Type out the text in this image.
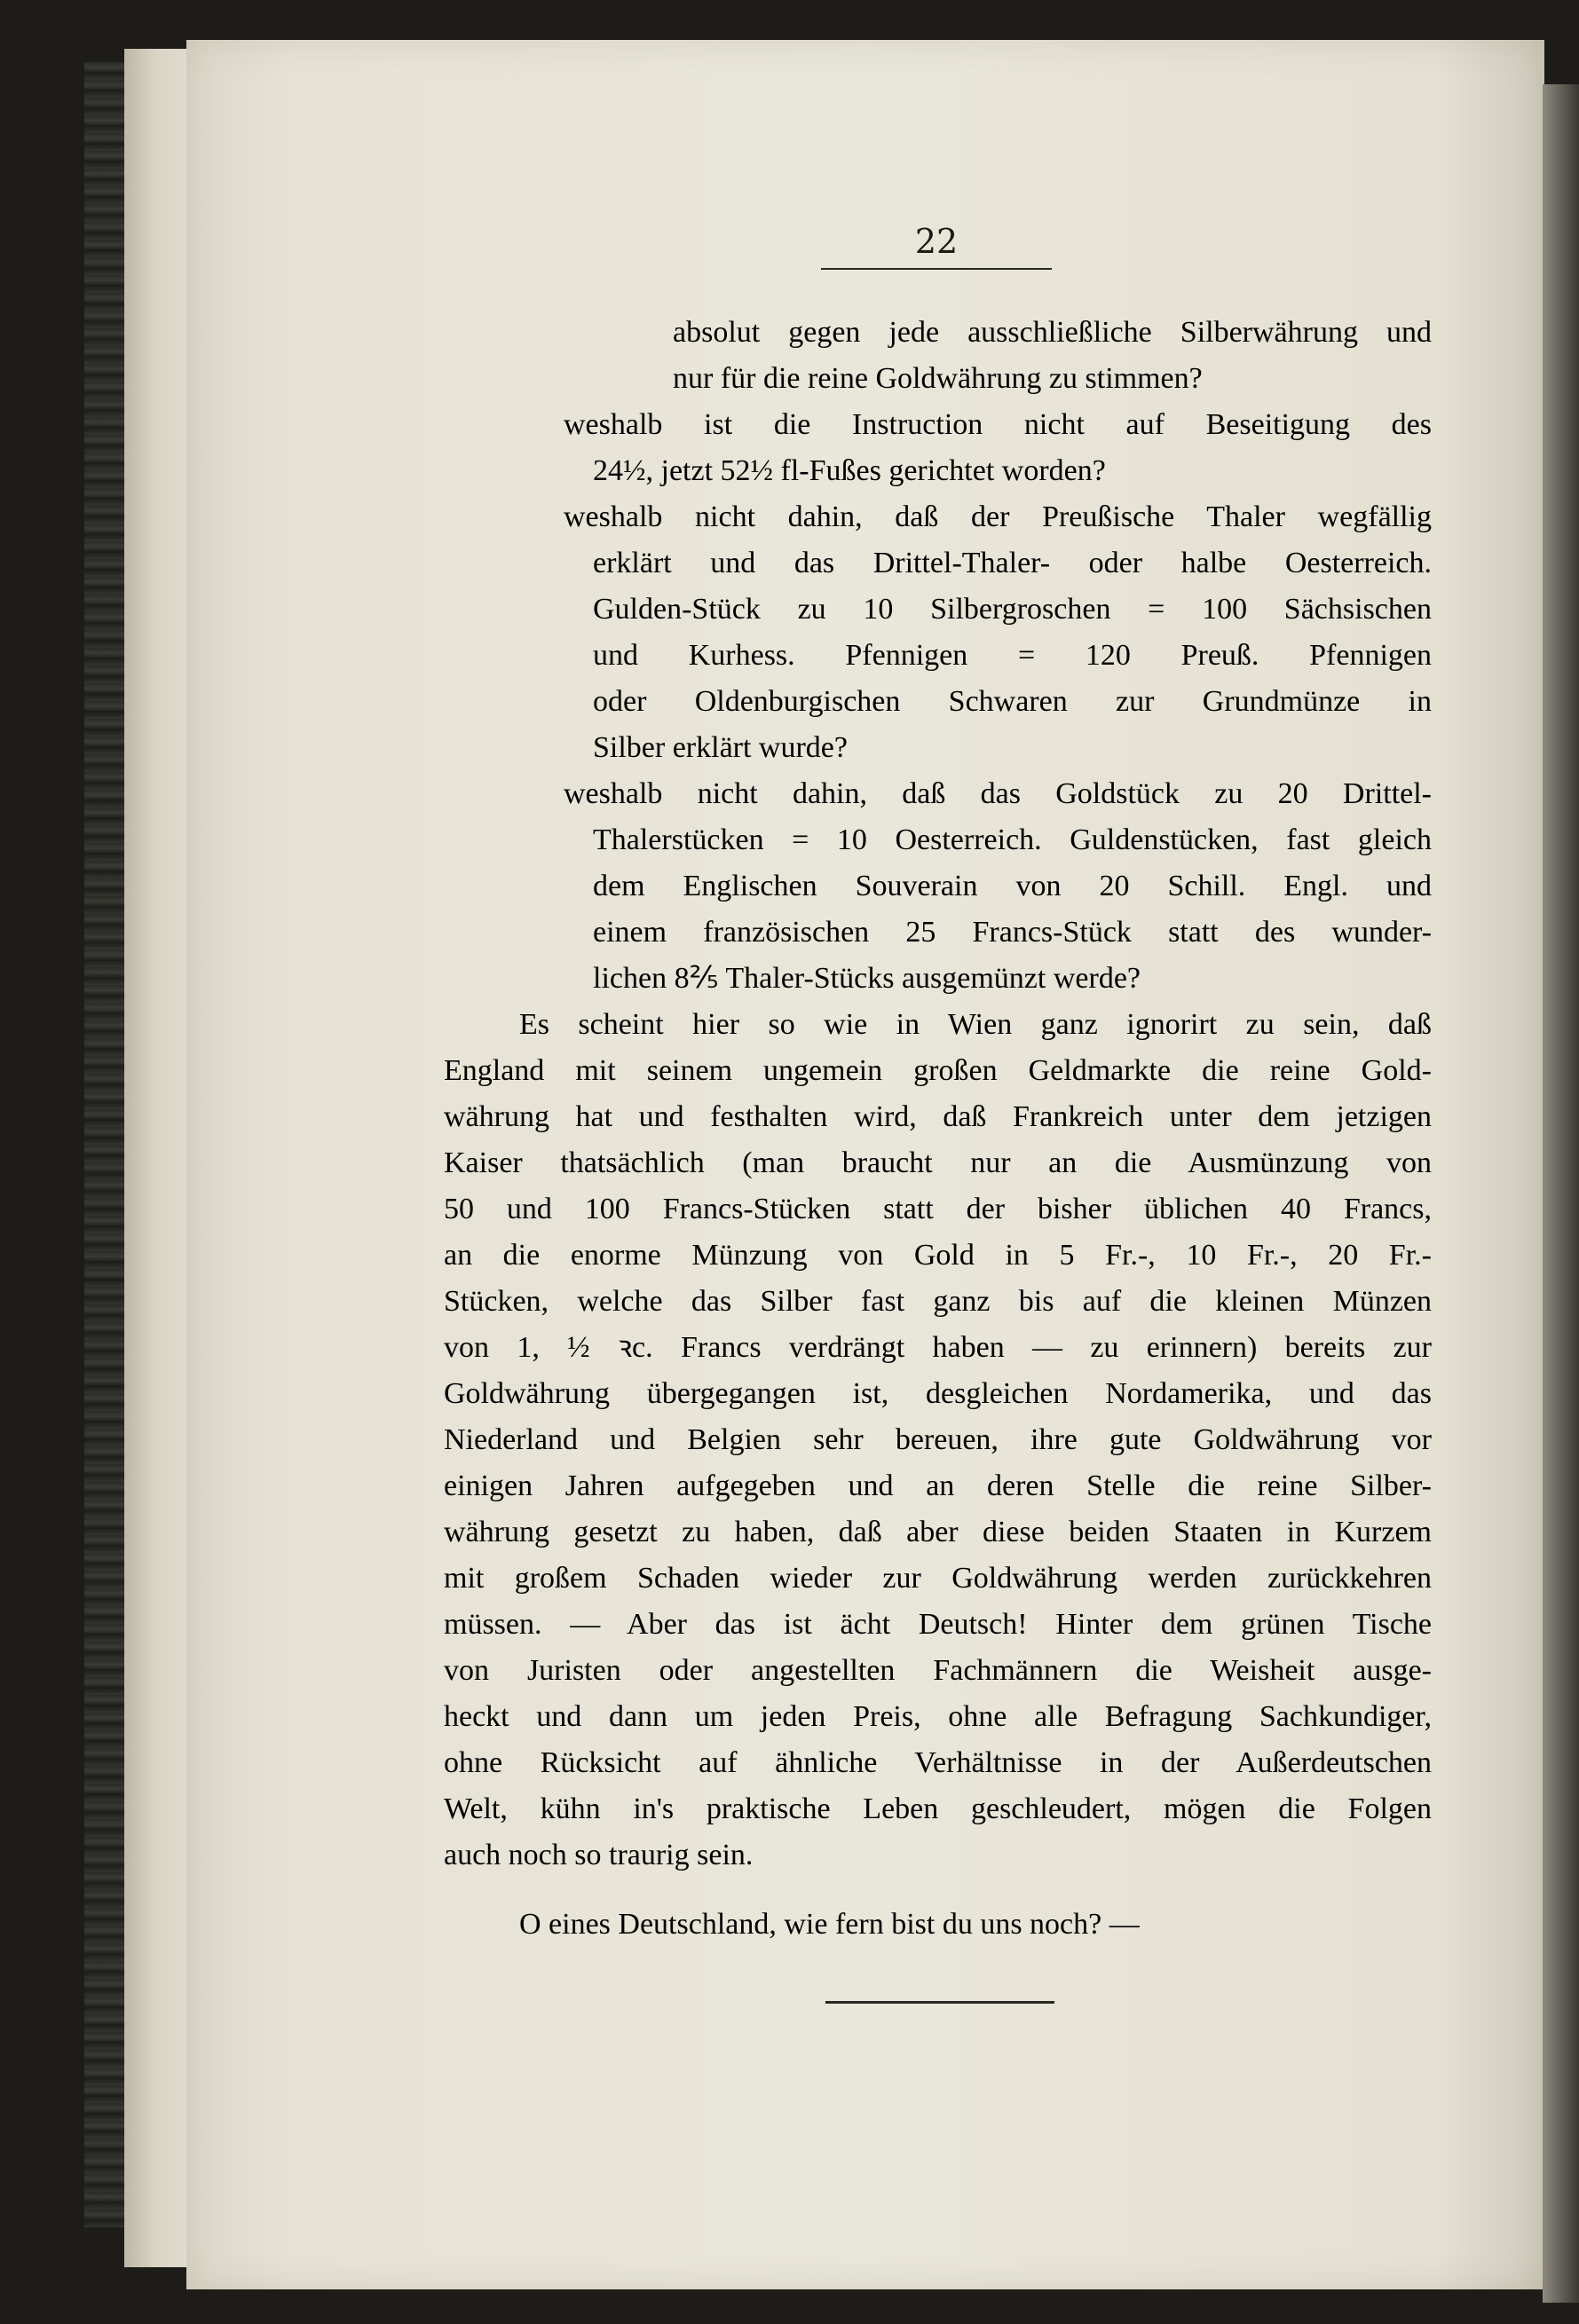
22
absolut gegen jede ausschließliche Silberwährung und
nur für die reine Goldwährung zu stimmen?
weshalb ist die Instruction nicht auf Beseitigung des
24½, jetzt 52½ fl-Fußes gerichtet worden?
weshalb nicht dahin, daß der Preußische Thaler wegfällig
erklärt und das Drittel-Thaler- oder halbe Oesterreich.
Gulden-Stück zu 10 Silbergroschen = 100 Sächsischen
und Kurhess. Pfennigen = 120 Preuß. Pfennigen
oder Oldenburgischen Schwaren zur Grundmünze in
Silber erklärt wurde?
weshalb nicht dahin, daß das Goldstück zu 20 Drittel-
Thalerstücken = 10 Oesterreich. Guldenstücken, fast gleich
dem Englischen Souverain von 20 Schill. Engl. und
einem französischen 25 Francs-Stück statt des wunder-
lichen 8⅖ Thaler-Stücks ausgemünzt werde?
Es scheint hier so wie in Wien ganz ignorirt zu sein, daß
England mit seinem ungemein großen Geldmarkte die reine Gold-
währung hat und festhalten wird, daß Frankreich unter dem jetzigen
Kaiser thatsächlich (man braucht nur an die Ausmünzung von
50 und 100 Francs-Stücken statt der bisher üblichen 40 Francs,
an die enorme Münzung von Gold in 5 Fr.-, 10 Fr.-, 20 Fr.-
Stücken, welche das Silber fast ganz bis auf die kleinen Münzen
von 1, ½ ꝛc. Francs verdrängt haben — zu erinnern) bereits zur
Goldwährung übergegangen ist, desgleichen Nordamerika, und das
Niederland und Belgien sehr bereuen, ihre gute Goldwährung vor
einigen Jahren aufgegeben und an deren Stelle die reine Silber-
währung gesetzt zu haben, daß aber diese beiden Staaten in Kurzem
mit großem Schaden wieder zur Goldwährung werden zurückkehren
müssen. — Aber das ist ächt Deutsch! Hinter dem grünen Tische
von Juristen oder angestellten Fachmännern die Weisheit ausge-
heckt und dann um jeden Preis, ohne alle Befragung Sachkundiger,
ohne Rücksicht auf ähnliche Verhältnisse in der Außerdeutschen
Welt, kühn in's praktische Leben geschleudert, mögen die Folgen
auch noch so traurig sein.
O eines Deutschland, wie fern bist du uns noch? —
